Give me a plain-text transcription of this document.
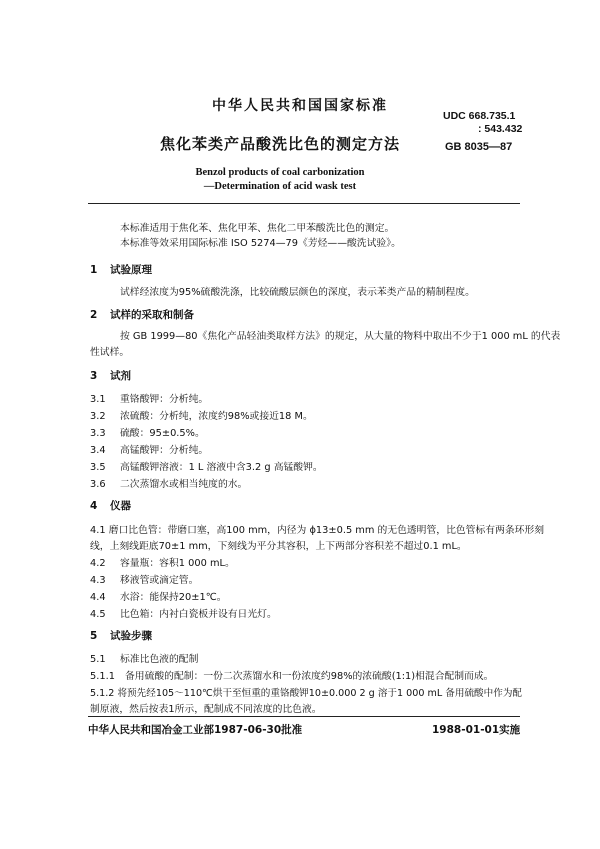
中华人民共和国国家标准
UDC 668.735.1
: 543.432
焦化苯类产品酸洗比色的测定方法	GB 8035—87
Benzol products of coal carbonization
—Determination of acid wask test
本标准适用于焦化苯、焦化甲苯、焦化二甲苯酸洗比色的测定。
本标准等效采用国际标准 ISO 5274—79《芳烃——酸洗试验》。
1 试验原理
试样经浓度为95%硫酸洗涤，比较硫酸层颜色的深度，表示苯类产品的精制程度。
2 试样的采取和制备
按 GB 1999—80《焦化产品轻油类取样方法》的规定，从大量的物料中取出不少于1 000 mL 的代表
性试样。
3 试剂
3.1 重铬酸钾：分析纯。
3.2 浓硫酸：分析纯，浓度约98%或接近18 M。
3.3 硫酸：95±0.5%。
3.4 高锰酸钾：分析纯。
3.5 高锰酸钾溶液：1 L 溶液中含3.2 g 高锰酸钾。
3.6 二次蒸馏水或相当纯度的水。
4 仪器
4.1 磨口比色管：带磨口塞，高100 mm，内径为 ϕ13±0.5 mm 的无色透明管，比色管标有两条环形刻
线，上刻线距底70±1 mm，下刻线为平分其容积，上下两部分容积差不超过0.1 mL。
4.2 容量瓶：容积1 000 mL。
4.3 移液管或滴定管。
4.4 水浴：能保持20±1℃。
4.5 比色箱：内衬白瓷板并设有日光灯。
5 试验步骤
5.1 标准比色液的配制
5.1.1 备用硫酸的配制：一份二次蒸馏水和一份浓度约98%的浓硫酸(1:1)相混合配制而成。
5.1.2 将预先经105～110℃烘干至恒重的重铬酸钾10±0.000 2 g 溶于1 000 mL 备用硫酸中作为配
制原液，然后按表1所示，配制成不同浓度的比色液。
中华人民共和国冶金工业部1987-06-30批准	1988-01-01实施
